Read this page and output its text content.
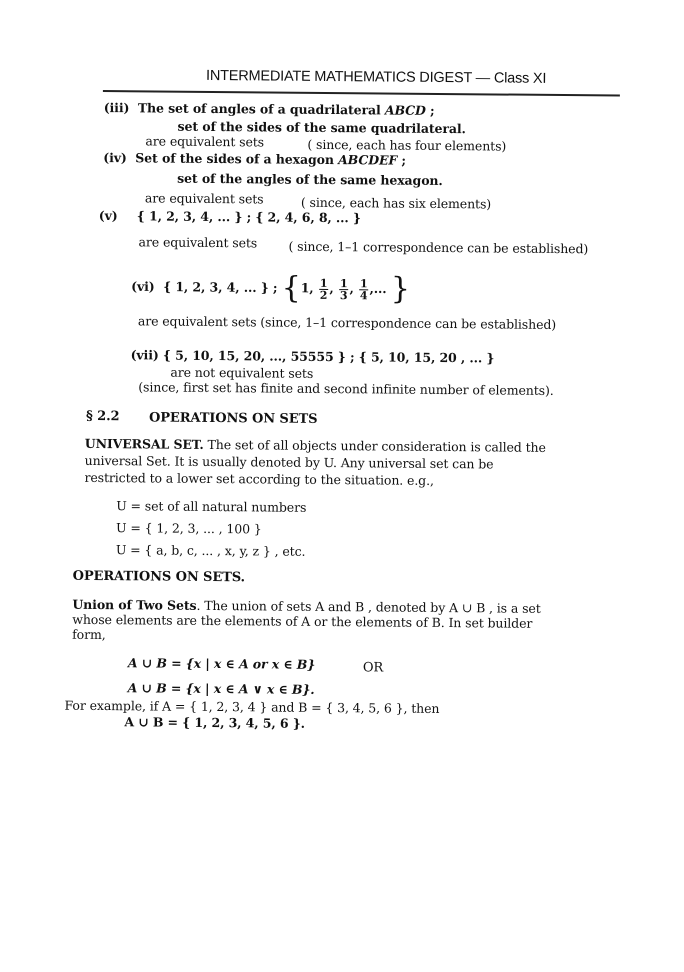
INTERMEDIATE MATHEMATICS DIGEST — Class XI
(iii) The set of angles of a quadrilateral ABCD ;
set of the sides of the same quadrilateral.
are equivalent sets	( since, each has four elements)
(iv) Set of the sides of a hexagon ABCDEF ;
set of the angles of the same hexagon.
are equivalent sets	( since, each has six elements)
(v) { 1, 2, 3, 4, ... } ; { 2, 4, 6, 8, ... }
are equivalent sets	( since, 1–1 correspondence can be established)
(vi) { 1, 2, 3, 4, ... } ; {1, $\frac{1}{2}$ , $\frac{1}{3}$ , $\frac{1}{4}$ ,... }
are equivalent sets (since, 1–1 correspondence can be established)
(vii) { 5, 10, 15, 20, ..., 55555 } ; { 5, 10, 15, 20 , ... }
are not equivalent sets
(since, first set has finite and second infinite number of elements).
§ 2.2 OPERATIONS ON SETS
UNIVERSAL SET. The set of all objects under consideration is called the
universal Set. It is usually denoted by U. Any universal set can be
restricted to a lower set according to the situation. e.g.,
U = set of all natural numbers
U = { 1, 2, 3, ... , 100 }
U = { a, b, c, ... , x, y, z } , etc.
OPERATIONS ON SETS.
Union of Two Sets. The union of sets A and B , denoted by A ∪ B , is a set
whose elements are the elements of A or the elements of B. In set builder
form,
A ∪ B = {x | x ∈ A or x ∈ B}	OR
A ∪ B = {x | x ∈ A ∨ x ∈ B}.
For example, if A = { 1, 2, 3, 4 } and B = { 3, 4, 5, 6 }, then
A ∪ B = { 1, 2, 3, 4, 5, 6 }.
